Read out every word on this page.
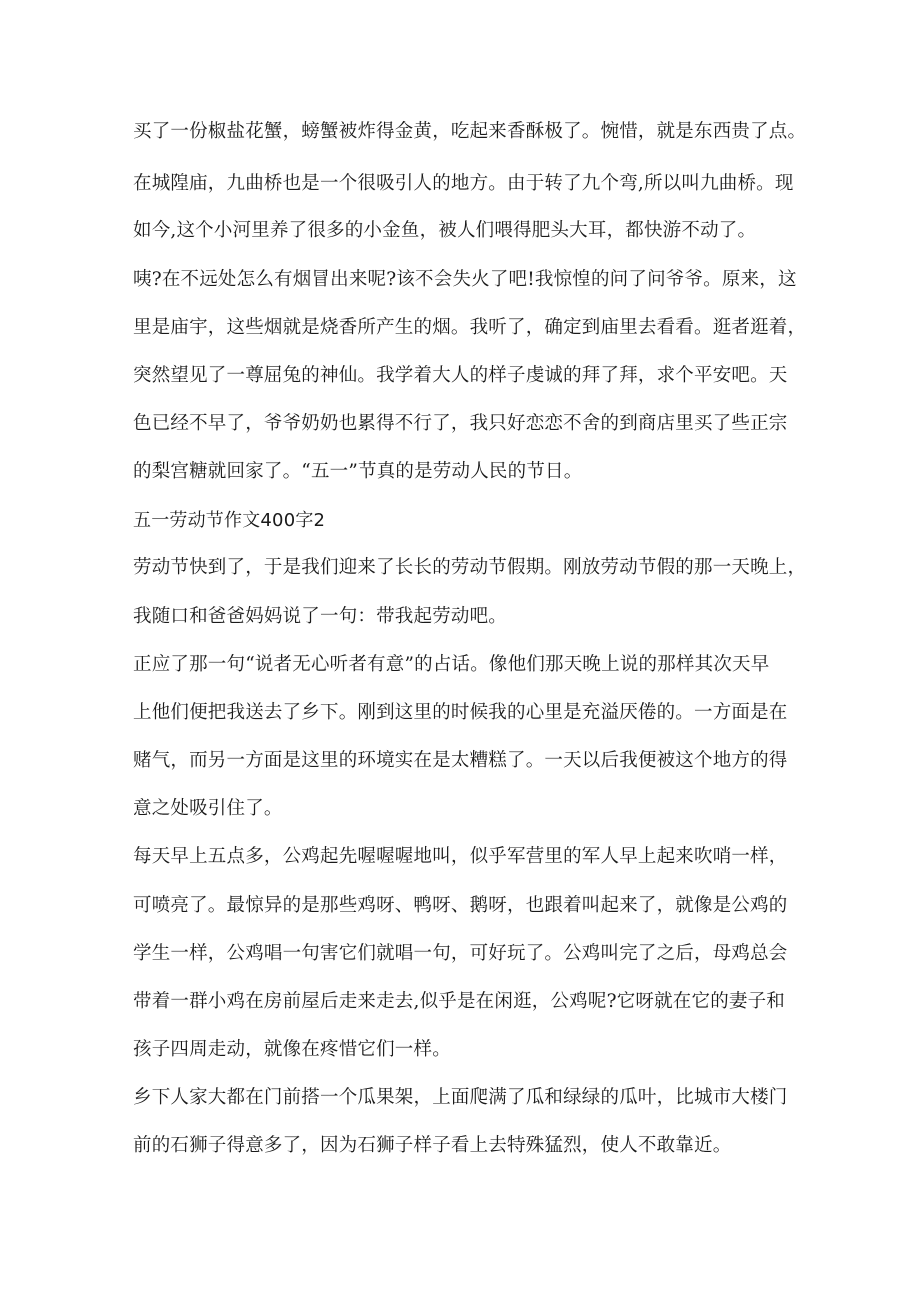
买了一份椒盐花蟹，螃蟹被炸得金黄，吃起来香酥极了。惋惜，就是东西贵了点。
在城隍庙，九曲桥也是一个很吸引人的地方。由于转了九个弯,所以叫九曲桥。现
如今,这个小河里养了很多的小金鱼，被人们喂得肥头大耳，都快游不动了。
咦?在不远处怎么有烟冒出来呢?该不会失火了吧!我惊惶的问了问爷爷。原来，这
里是庙宇，这些烟就是烧香所产生的烟。我听了，确定到庙里去看看。逛者逛着，
突然望见了一尊屈兔的神仙。我学着大人的样子虔诚的拜了拜，求个平安吧。天
色已经不早了，爷爷奶奶也累得不行了，我只好恋恋不舍的到商店里买了些正宗
的梨宫糖就回家了。“五一”节真的是劳动人民的节日。
五一劳动节作文400字2
劳动节快到了，于是我们迎来了长长的劳动节假期。刚放劳动节假的那一天晚上，
我随口和爸爸妈妈说了一句：带我起劳动吧。
正应了那一句“说者无心听者有意”的占话。像他们那天晚上说的那样其次天早
上他们便把我送去了乡下。刚到这里的时候我的心里是充溢厌倦的。一方面是在
赌气，而另一方面是这里的环境实在是太糟糕了。一天以后我便被这个地方的得
意之处吸引住了。
每天早上五点多，公鸡起先喔喔喔地叫，似乎军营里的军人早上起来吹哨一样，
可喷亮了。最惊异的是那些鸡呀、鸭呀、鹅呀，也跟着叫起来了，就像是公鸡的
学生一样，公鸡唱一句害它们就唱一句，可好玩了。公鸡叫完了之后，母鸡总会
带着一群小鸡在房前屋后走来走去,似乎是在闲逛，公鸡呢?它呀就在它的妻子和
孩子四周走动，就像在疼惜它们一样。
乡下人家大都在门前搭一个瓜果架，上面爬满了瓜和绿绿的瓜叶，比城市大楼门
前的石狮子得意多了，因为石狮子样子看上去特殊猛烈，使人不敢靠近。
